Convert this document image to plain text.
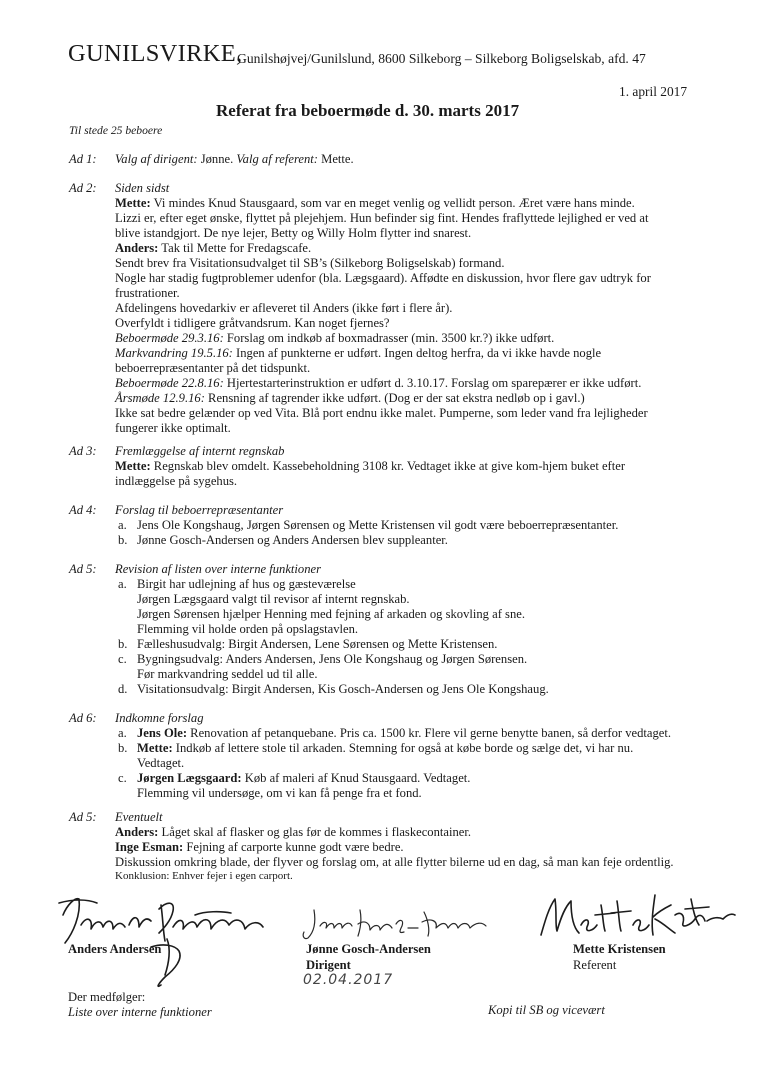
GUNILSVIRKE,
Gunilshøjvej/Gunilslund, 8600 Silkeborg – Silkeborg Boligselskab, afd. 47
1. april 2017
Referat fra beboermøde d. 30. marts 2017
Til stede 25 beboere
Ad 1: Valg af dirigent: Jønne. Valg af referent: Mette.
Ad 2: Siden sidst
Mette: Vi mindes Knud Stausgaard, som var en meget venlig og vellidt person. Æret være hans minde.
Lizzi er, efter eget ønske, flyttet på plejehjem. Hun befinder sig fint. Hendes fraflyttede lejlighed er ved at
blive istandgjort. De nye lejer, Betty og Willy Holm flytter ind snarest.
Anders: Tak til Mette for Fredagscafe.
Sendt brev fra Visitationsudvalget til SB’s (Silkeborg Boligselskab) formand.
Nogle har stadig fugtproblemer udenfor (bla. Lægsgaard). Affødte en diskussion, hvor flere gav udtryk for
frustrationer.
Afdelingens hovedarkiv er afleveret til Anders (ikke ført i flere år).
Overfyldt i tidligere gråtvandsrum. Kan noget fjernes?
Beboermøde 29.3.16: Forslag om indkøb af boxmadrasser (min. 3500 kr.?) ikke udført.
Markvandring 19.5.16: Ingen af punkterne er udført. Ingen deltog herfra, da vi ikke havde nogle
beboerrepræsentanter på det tidspunkt.
Beboermøde 22.8.16: Hjertestarterinstruktion er udført d. 3.10.17. Forslag om sparepærer er ikke udført.
Årsmøde 12.9.16: Rensning af tagrender ikke udført. (Dog er der sat ekstra nedløb op i gavl.)
Ikke sat bedre gelænder op ved Vita. Blå port endnu ikke malet. Pumperne, som leder vand fra lejligheder
fungerer ikke optimalt.
Ad 3: Fremlæggelse af internt regnskab
Mette: Regnskab blev omdelt. Kassebeholdning 3108 kr. Vedtaget ikke at give kom-hjem buket efter
indlæggelse på sygehus.
Ad 4: Forslag til beboerrepræsentanter
a. Jens Ole Kongshaug, Jørgen Sørensen og Mette Kristensen vil godt være beboerrepræsentanter.
b. Jønne Gosch-Andersen og Anders Andersen blev suppleanter.
Ad 5: Revision af listen over interne funktioner
a. Birgit har udlejning af hus og gæsteværelse
Jørgen Lægsgaard valgt til revisor af internt regnskab.
Jørgen Sørensen hjælper Henning med fejning af arkaden og skovling af sne.
Flemming vil holde orden på opslagstavlen.
b. Fælleshusudvalg: Birgit Andersen, Lene Sørensen og Mette Kristensen.
c. Bygningsudvalg: Anders Andersen, Jens Ole Kongshaug og Jørgen Sørensen.
Før markvandring seddel ud til alle.
d. Visitationsudvalg: Birgit Andersen, Kis Gosch-Andersen og Jens Ole Kongshaug.
Ad 6: Indkomne forslag
a. Jens Ole: Renovation af petanquebane. Pris ca. 1500 kr. Flere vil gerne benytte banen, så derfor vedtaget.
b. Mette: Indkøb af lettere stole til arkaden. Stemning for også at købe borde og sælge det, vi har nu.
Vedtaget.
c. Jørgen Lægsgaard: Køb af maleri af Knud Stausgaard. Vedtaget.
Flemming vil undersøge, om vi kan få penge fra et fond.
Ad 5: Eventuelt
Anders: Låget skal af flasker og glas før de kommes i flaskecontainer.
Inge Esman: Fejning af carporte kunne godt være bedre.
Diskussion omkring blade, der flyver og forslag om, at alle flytter bilerne ud en dag, så man kan feje ordentlig.
Konklusion: Enhver fejer i egen carport.
Anders Andersen	Jønne Gosch-Andersen
Dirigent
02.04.2017
Mette Kristensen
Referent
Der medfølger:
Liste over interne funktioner	Kopi til SB og vicevært
